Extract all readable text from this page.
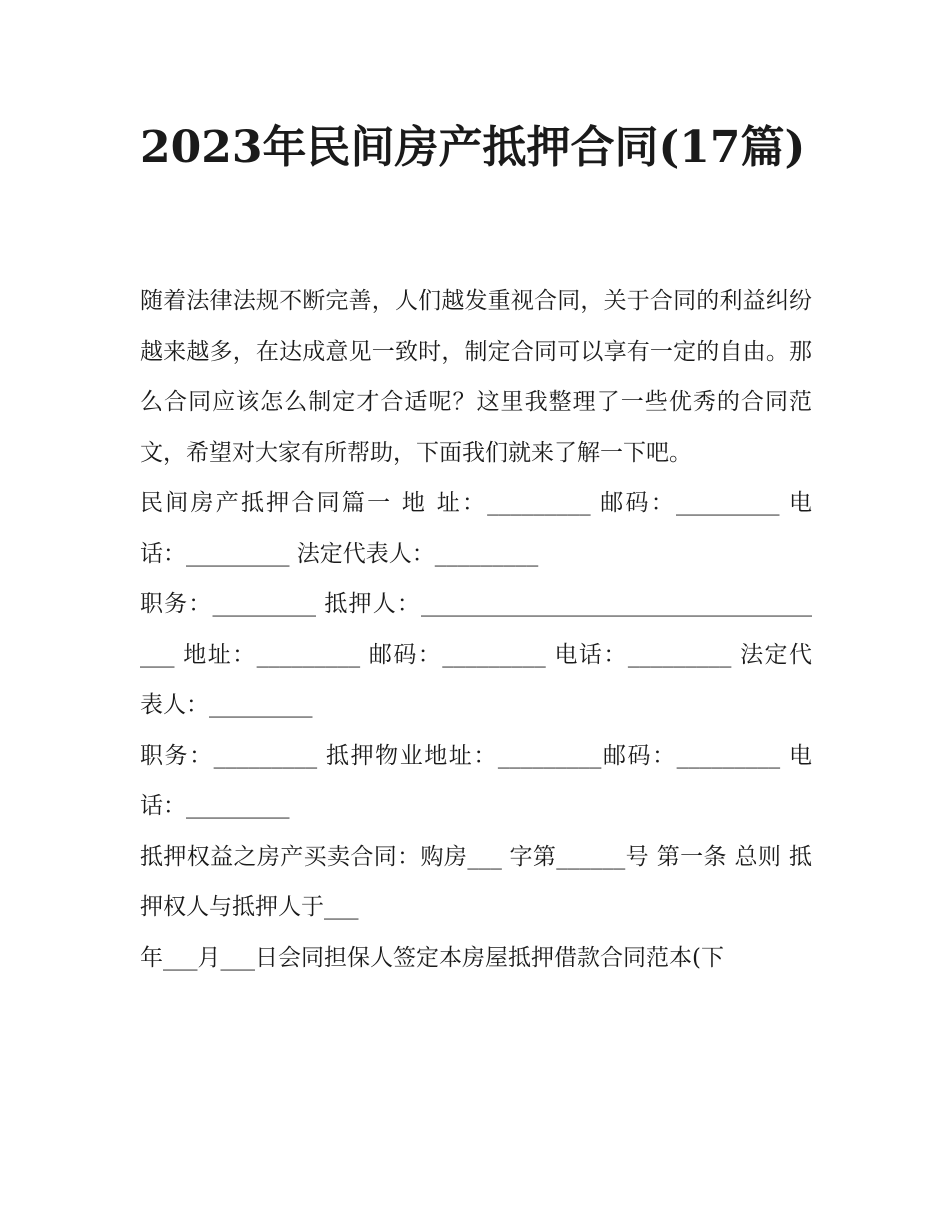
2023年民间房产抵押合同(17篇)

随着法律法规不断完善，人们越发重视合同，关于合同的利益纠纷越来越多，在达成意见一致时，制定合同可以享有一定的自由。那么合同应该怎么制定才合适呢？这里我整理了一些优秀的合同范文，希望对大家有所帮助，下面我们就来了解一下吧。

民间房产抵押合同篇一 地 址：_________ 邮码：_________ 电话：_________ 法定代表人：_________

职务：_________ 抵押人：_____________________________________ 地址：_________ 邮码：_________ 电话：_________ 法定代表人：_________

职务：_________ 抵押物业地址：_________邮码：_________ 电话：_________

抵押权益之房产买卖合同：购房___ 字第______号 第一条 总则 抵押权人与抵押人于___

年___月___日会同担保人签定本房屋抵押借款合同范本(下
